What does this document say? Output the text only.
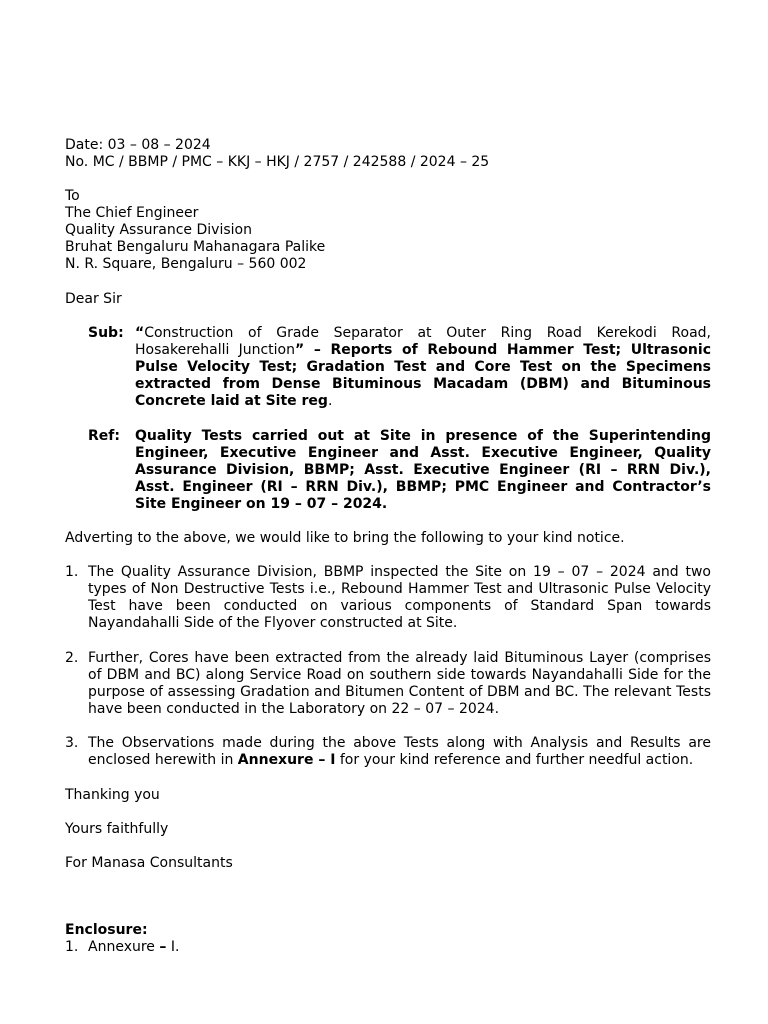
Date: 03 – 08 – 2024
No. MC / BBMP / PMC – KKJ – HKJ / 2757 / 242588 / 2024 – 25
To
The Chief Engineer
Quality Assurance Division
Bruhat Bengaluru Mahanagara Palike
N. R. Square, Bengaluru – 560 002
Dear Sir
Sub: “Construction of Grade Separator at Outer Ring Road Kerekodi Road, Hosakerehalli Junction” – Reports of Rebound Hammer Test; Ultrasonic Pulse Velocity Test; Gradation Test and Core Test on the Specimens extracted from Dense Bituminous Macadam (DBM) and Bituminous Concrete laid at Site reg.
Ref: Quality Tests carried out at Site in presence of the Superintending Engineer, Executive Engineer and Asst. Executive Engineer, Quality Assurance Division, BBMP; Asst. Executive Engineer (RI – RRN Div.), Asst. Engineer (RI – RRN Div.), BBMP; PMC Engineer and Contractor’s Site Engineer on 19 – 07 – 2024.
Adverting to the above, we would like to bring the following to your kind notice.
1. The Quality Assurance Division, BBMP inspected the Site on 19 – 07 – 2024 and two types of Non Destructive Tests i.e., Rebound Hammer Test and Ultrasonic Pulse Velocity Test have been conducted on various components of Standard Span towards Nayandahalli Side of the Flyover constructed at Site.
2. Further, Cores have been extracted from the already laid Bituminous Layer (comprises of DBM and BC) along Service Road on southern side towards Nayandahalli Side for the purpose of assessing Gradation and Bitumen Content of DBM and BC. The relevant Tests have been conducted in the Laboratory on 22 – 07 – 2024.
3. The Observations made during the above Tests along with Analysis and Results are enclosed herewith in Annexure – I for your kind reference and further needful action.
Thanking you
Yours faithfully
For Manasa Consultants
Enclosure:
1. Annexure – I.
